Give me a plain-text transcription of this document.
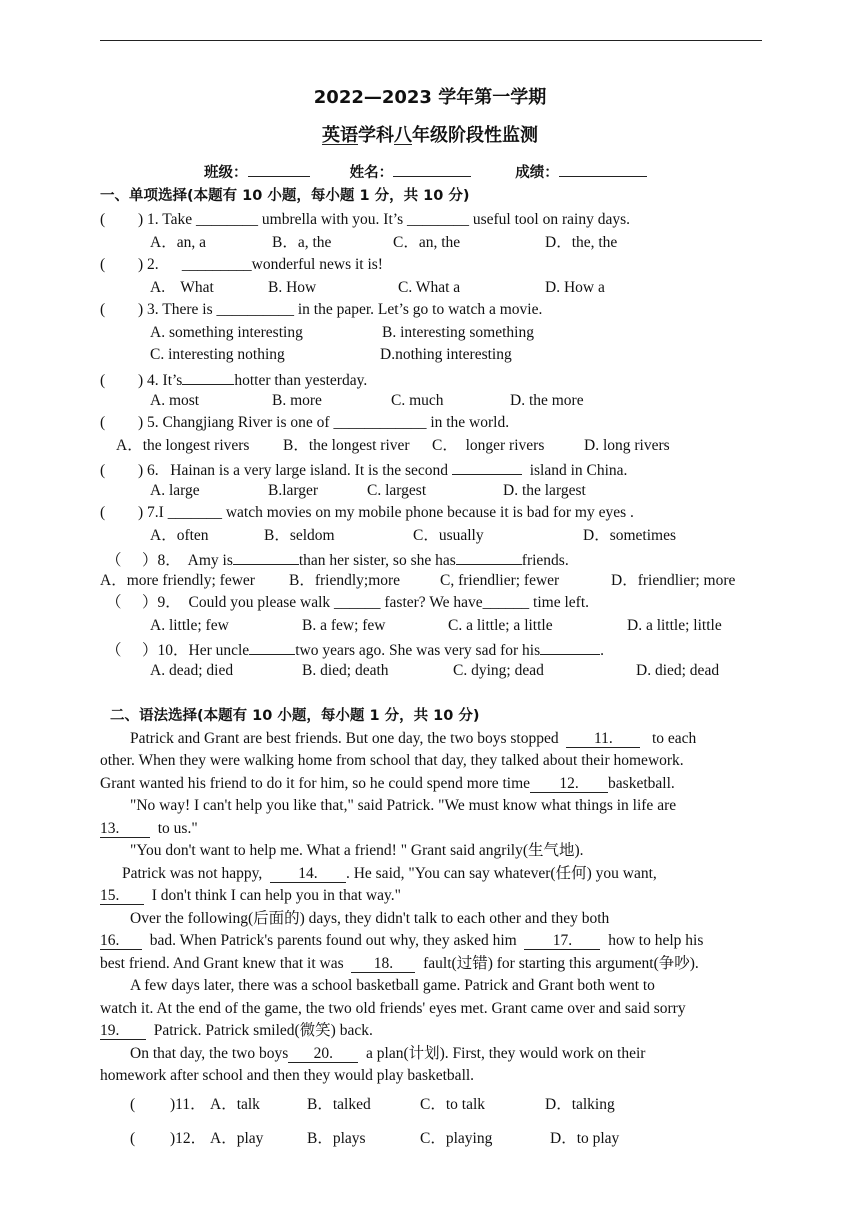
2022—2023 学年第一学期
英语学科八年级阶段性监测
班级：	姓名：	成绩：
一、单项选择(本题有 10 小题，每小题 1 分，共 10 分)
( ) 1. Take ________ umbrella with you. It’s ________ useful tool on rainy days.
A．an, a	B．a, the	C．an, the	D．the, the
( ) 2.      _________wonderful news it is!
A.    What	B. How	C. What a	D. How a
( ) 3. There is __________ in the paper. Let’s go to watch a movie.
A. something interesting	B. interesting something
C. interesting nothing	D.nothing interesting
( ) 4. It’s	hotter than yesterday.
A. most	B. more	C. much	D. the more
( ) 5. Changjiang River is one of ____________ in the world.
A．the longest rivers B．the longest river C．  longer rivers	D. long rivers
( ) 6.   Hainan is a very large island. It is the second	island in China.
A. large	B.larger	C. largest	D. the largest
( ) 7.I _______ watch movies on my mobile phone because it is bad for my eyes .
A．often	B．seldom	C．usually	D．sometimes
（ ）8．  Amy is	than her sister, so she has	friends.
A．more friendly; fewer B．friendly;more	C, friendlier; fewer	D．friendlier; more
（ ）9．  Could you please walk ______ faster? We have______ time left.
A. little; few	B. a few; few	C. a little; a little	D. a little; little
（ ）10．Her uncle	two years ago. She was very sad for his	.
A. dead; died	B. died; death	C. dying; dead	D. died; dead
二、语法选择(本题有 10 小题，每小题 1 分，共 10 分)
Patrick and Grant are best friends. But one day, the two boys stopped 11.	to each
other. When they were walking home from school that day, they talked about their homework.
Grant wanted his friend to do it for him, so he could spend more time 12. basketball.
"No way! I can't help you like that," said Patrick. "We must know what things in life are
13. to us."
"You don't want to help me. What a friend! " Grant said angrily(生气地).
Patrick was not happy, 14. . He said, "You can say whatever(任何) you want,
15. I don't think I can help you in that way."
Over the following(后面的) days, they didn't talk to each other and they both
16. bad. When Patrick's parents found out why, they asked him 17. how to help his
best friend. And Grant knew that it was 18. fault(过错) for starting this argument(争吵).
A few days later, there was a school basketball game. Patrick and Grant both went to
watch it. At the end of the game, the two old friends' eyes met. Grant came over and said sorry
19. Patrick. Patrick smiled(微笑) back.
On that day, the two boys 20. a plan(计划). First, they would work on their
homework after school and then they would play basketball.
( )11． A．talk	B．talked	C．to talk	D．talking
( )12． A．play	B．plays	C．playing	D．to play
